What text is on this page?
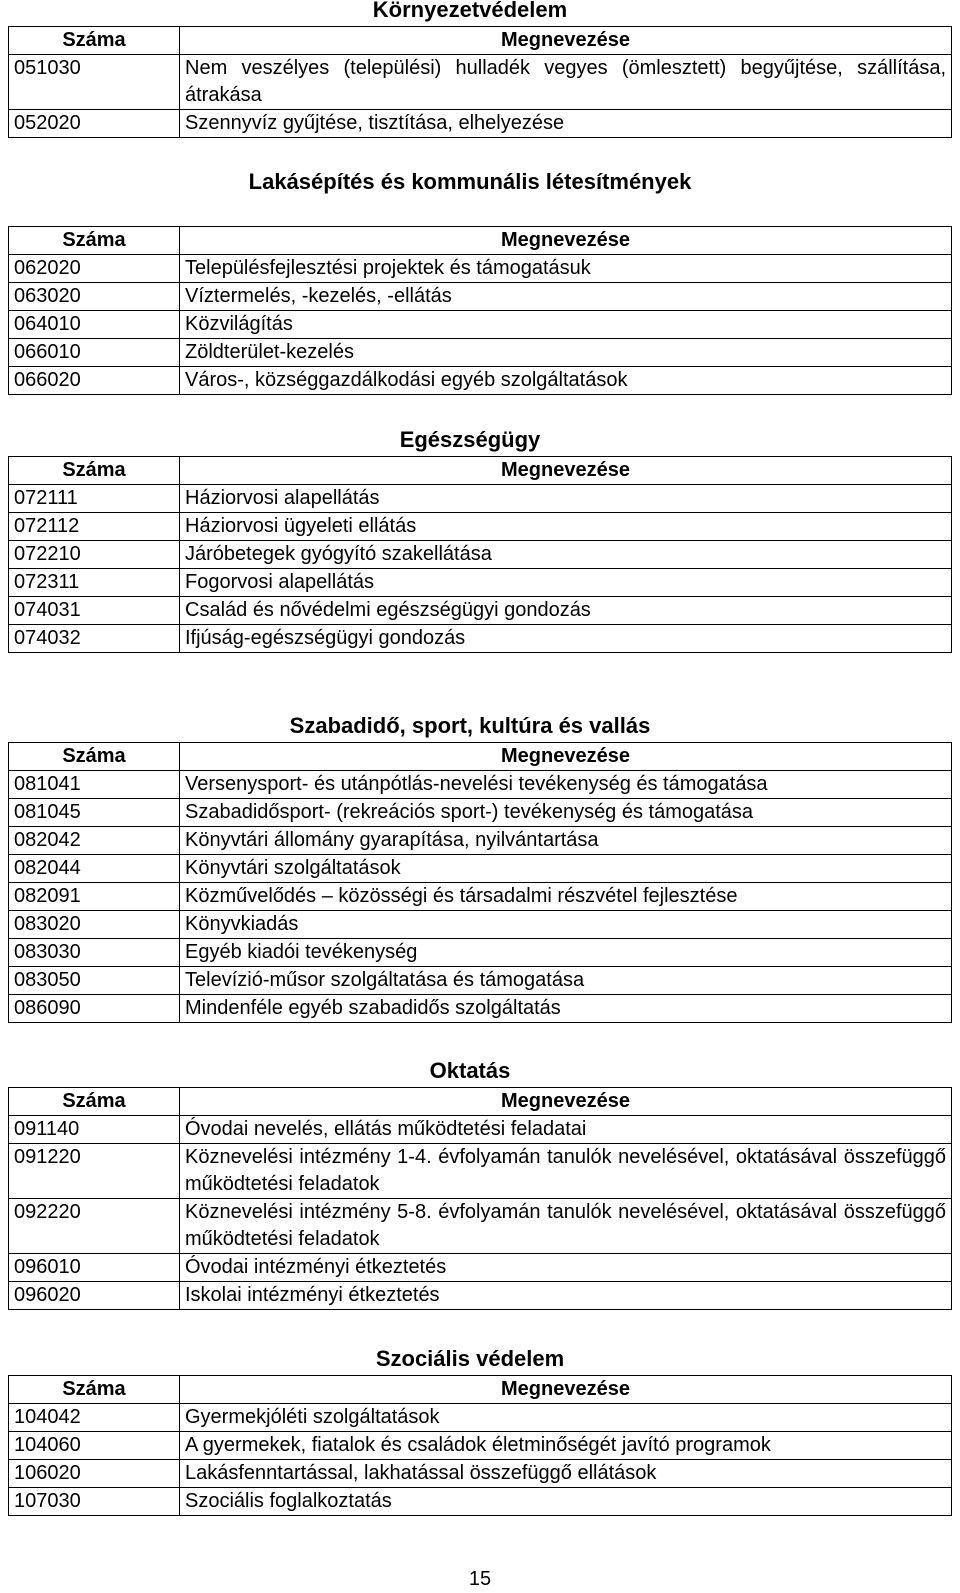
Környezetvédelem
Száma	Megnevezése
051030	Nem veszélyes (települési) hulladék vegyes (ömlesztett) begyűjtése, szállítása, átrakása
052020	Szennyvíz gyűjtése, tisztítása, elhelyezése
Lakásépítés és kommunális létesítmények
Száma	Megnevezése
062020	Településfejlesztési projektek és támogatásuk
063020	Víztermelés, -kezelés, -ellátás
064010	Közvilágítás
066010	Zöldterület-kezelés
066020	Város-, községgazdálkodási egyéb szolgáltatások
Egészségügy
Száma	Megnevezése
072111	Háziorvosi alapellátás
072112	Háziorvosi ügyeleti ellátás
072210	Járóbetegek gyógyító szakellátása
072311	Fogorvosi alapellátás
074031	Család és nővédelmi egészségügyi gondozás
074032	Ifjúság-egészségügyi gondozás
Szabadidő, sport, kultúra és vallás
Száma	Megnevezése
081041	Versenysport- és utánpótlás-nevelési tevékenység és támogatása
081045	Szabadidősport- (rekreációs sport-) tevékenység és támogatása
082042	Könyvtári állomány gyarapítása, nyilvántartása
082044	Könyvtári szolgáltatások
082091	Közművelődés – közösségi és társadalmi részvétel fejlesztése
083020	Könyvkiadás
083030	Egyéb kiadói tevékenység
083050	Televízió-műsor szolgáltatása és támogatása
086090	Mindenféle egyéb szabadidős szolgáltatás
Oktatás
Száma	Megnevezése
091140	Óvodai nevelés, ellátás működtetési feladatai
091220	Köznevelési intézmény 1-4. évfolyamán tanulók nevelésével, oktatásával összefüggő működtetési feladatok
092220	Köznevelési intézmény 5-8. évfolyamán tanulók nevelésével, oktatásával összefüggő működtetési feladatok
096010	Óvodai intézményi étkeztetés
096020	Iskolai intézményi étkeztetés
Szociális védelem
Száma	Megnevezése
104042	Gyermekjóléti szolgáltatások
104060	A gyermekek, fiatalok és családok életminőségét javító programok
106020	Lakásfenntartással, lakhatással összefüggő ellátások
107030	Szociális foglalkoztatás
15
